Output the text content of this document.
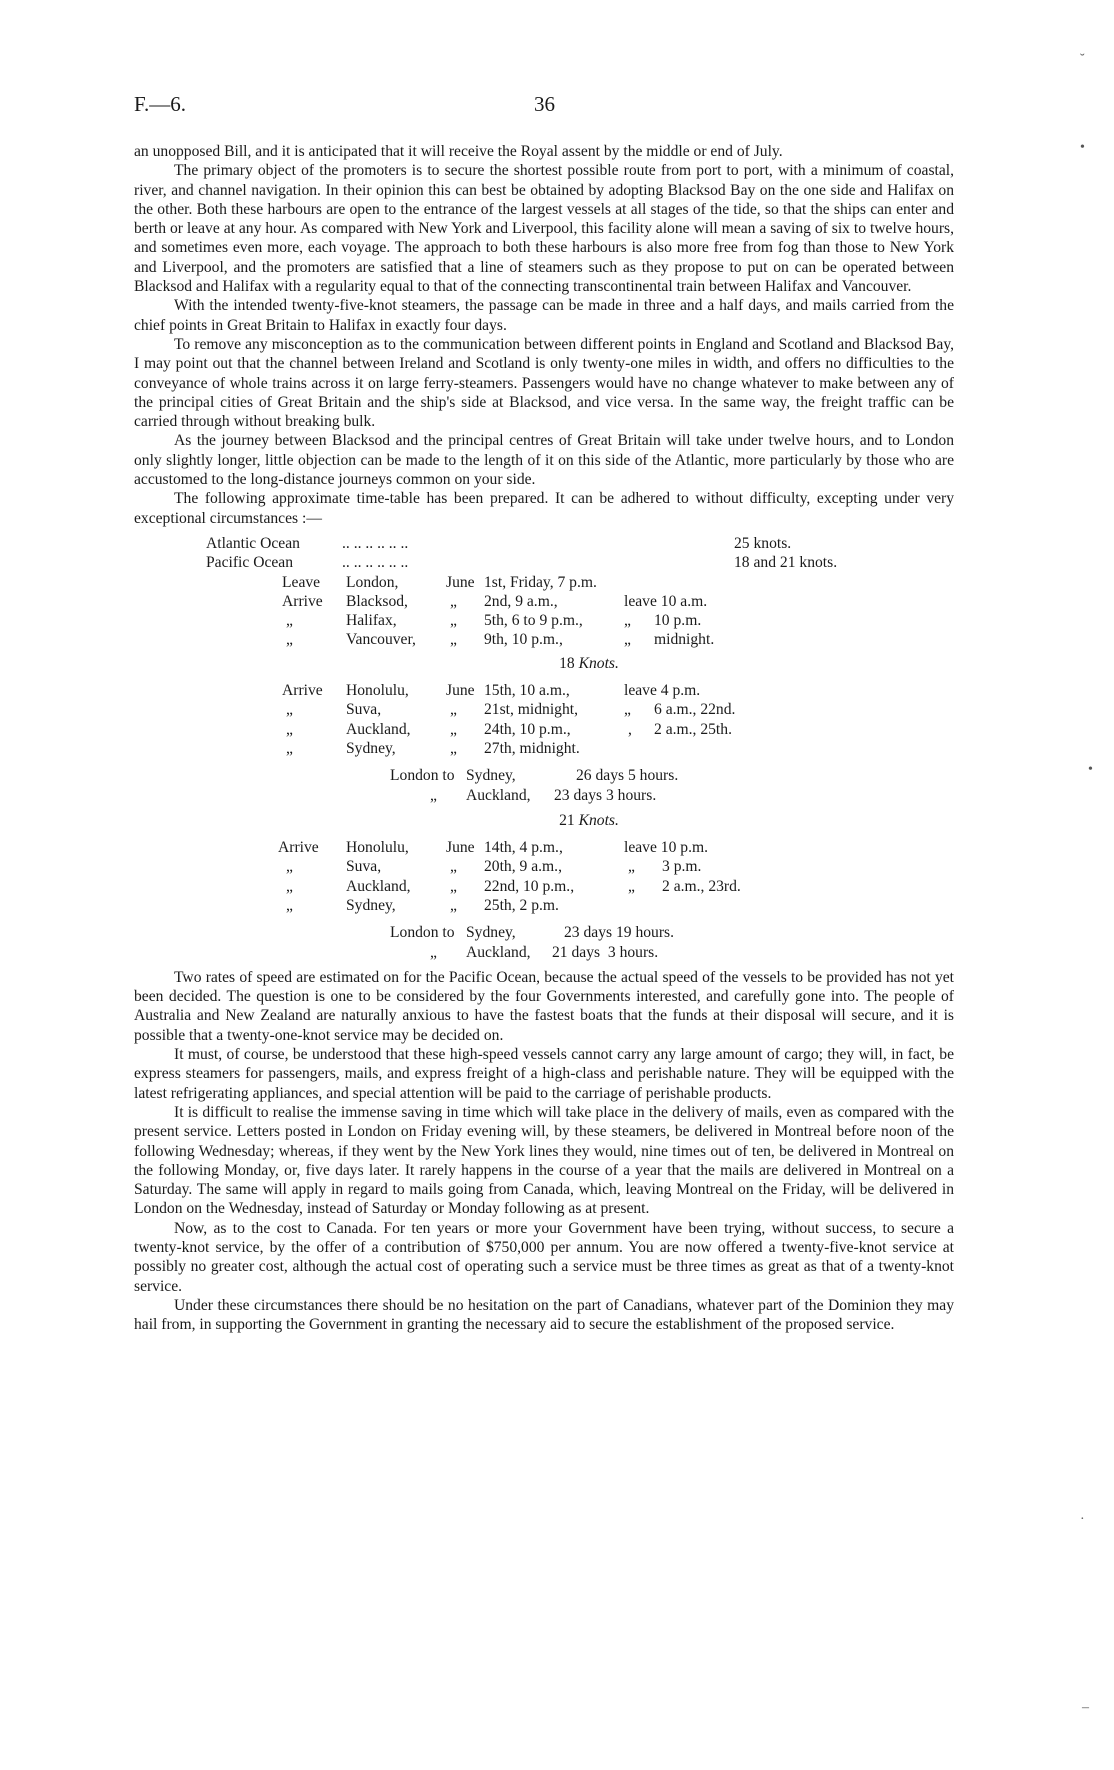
F.—6.	36

an unopposed Bill, and it is anticipated that it will receive the Royal assent by the middle or end of July.

The primary object of the promoters is to secure the shortest possible route from port to port, with a minimum of coastal, river, and channel navigation. In their opinion this can best be obtained by adopting Blacksod Bay on the one side and Halifax on the other. Both these harbours are open to the entrance of the largest vessels at all stages of the tide, so that the ships can enter and berth or leave at any hour. As compared with New York and Liverpool, this facility alone will mean a saving of six to twelve hours, and sometimes even more, each voyage. The approach to both these harbours is also more free from fog than those to New York and Liverpool, and the promoters are satisfied that a line of steamers such as they propose to put on can be operated between Blacksod and Halifax with a regularity equal to that of the connecting transcontinental train between Halifax and Vancouver.

With the intended twenty-five-knot steamers, the passage can be made in three and a half days, and mails carried from the chief points in Great Britain to Halifax in exactly four days.

To remove any misconception as to the communication between different points in England and Scotland and Blacksod Bay, I may point out that the channel between Ireland and Scotland is only twenty-one miles in width, and offers no difficulties to the conveyance of whole trains across it on large ferry-steamers. Passengers would have no change whatever to make between any of the principal cities of Great Britain and the ship's side at Blacksod, and vice versa. In the same way, the freight traffic can be carried through without breaking bulk.

As the journey between Blacksod and the principal centres of Great Britain will take under twelve hours, and to London only slightly longer, little objection can be made to the length of it on this side of the Atlantic, more particularly by those who are accustomed to the long-distance journeys common on your side.

The following approximate time-table has been prepared. It can be adhered to without difficulty, excepting under very exceptional circumstances :—

Atlantic Ocean	.. .. .. .. .. ..	25 knots.
Pacific Ocean	.. .. .. .. .. ..	18 and 21 knots.
Leave London,	June 1st, Friday, 7 p.m.
Arrive Blacksod,	„ 2nd, 9 a.m.,	leave 10 a.m.
„	Halifax,	„ 5th, 6 to 9 p.m.,	„ 10 p.m.
„	Vancouver, „ 9th, 10 p.m.,	„ midnight.
18 Knots.
Arrive Honolulu, June 15th, 10 a.m.,	leave 4 p.m.
„	Suva,	„ 21st, midnight,	„ 6 a.m., 22nd.
„	Auckland,	„ 24th, 10 p.m.,	, 2 a.m., 25th.
„	Sydney,	„ 27th, midnight.
London to Sydney,	26 days 5 hours.
„ Auckland, 23 days 3 hours.
21 Knots.
Arrive Honolulu, June 14th, 4 p.m.,	leave 10 p.m.
„	Suva,	„ 20th, 9 a.m.,	„ 3 p.m.
„	Auckland,	„ 22nd, 10 p.m.,	„ 2 a.m., 23rd.
„	Sydney,	„ 25th, 2 p.m.
London to Sydney,	23 days 19 hours.
„ Auckland, 21 days  3 hours.

Two rates of speed are estimated on for the Pacific Ocean, because the actual speed of the vessels to be provided has not yet been decided. The question is one to be considered by the four Governments interested, and carefully gone into. The people of Australia and New Zealand are naturally anxious to have the fastest boats that the funds at their disposal will secure, and it is possible that a twenty-one-knot service may be decided on.

It must, of course, be understood that these high-speed vessels cannot carry any large amount of cargo; they will, in fact, be express steamers for passengers, mails, and express freight of a high-class and perishable nature. They will be equipped with the latest refrigerating appliances, and special attention will be paid to the carriage of perishable products.

It is difficult to realise the immense saving in time which will take place in the delivery of mails, even as compared with the present service. Letters posted in London on Friday evening will, by these steamers, be delivered in Montreal before noon of the following Wednesday; whereas, if they went by the New York lines they would, nine times out of ten, be delivered in Montreal on the following Monday, or, five days later. It rarely happens in the course of a year that the mails are delivered in Montreal on a Saturday. The same will apply in regard to mails going from Canada, which, leaving Montreal on the Friday, will be delivered in London on the Wednesday, instead of Saturday or Monday following as at present.

Now, as to the cost to Canada. For ten years or more your Government have been trying, without success, to secure a twenty-knot service, by the offer of a contribution of $750,000 per annum. You are now offered a twenty-five-knot service at possibly no greater cost, although the actual cost of operating such a service must be three times as great as that of a twenty-knot service.

Under these circumstances there should be no hesitation on the part of Canadians, whatever part of the Dominion they may hail from, in supporting the Government in granting the necessary aid to secure the establishment of the proposed service.

˘
•
•
·
–
